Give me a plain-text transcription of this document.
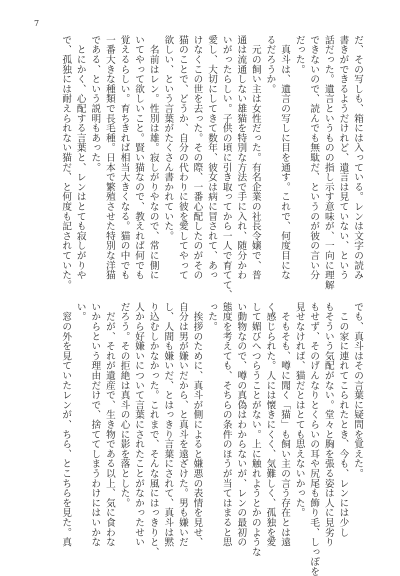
7
だ、その写しも、箱には入っている。レンは文字の読み
書きができるようだけれど、遺言は見ていない、という
話だった。遺言というものの指し示す意味が、一向に理解
できないので、読んでも無駄だ、というのが彼の言い分
だった。
　真斗は、遺言の写しに目を通す。これで、何度目にな
るだろうか。
　元の飼い主は女性だった。有名企業の社長令嬢で、普
通は流通しない雄猫を特別な方法で手に入れ、随分かわ
いがったらしい。子供の頃に引き取ってから一人で育てて、
愛し、大切にしてきて数年、彼女は病に冒されて、あっ
けなくこの世を去った。その際、一番心配したのがその
猫のことで、どうか、自分の代わりに彼を愛してやって
欲しい、という言葉がたくさん書かれていた。
　名前はレン。性別は雄。寂しがりやなので、常に側に
いてやって欲しいこと。賢い猫なので、教えれば何でも
覚えるらしい。育ちきれば相当大きくなる。猫の中でも
一番大きな種類で長毛種。日本で繁殖させた特別な洋猫
である、という説明もあった。
　とにかく、心配する言葉と、レンはとても寂しがりや
で、孤独には耐えられない猫だ、と何度も記されていた。
でも、真斗はその言葉に疑問を覚えた。
　この家に連れてこられたとき、今も、レンには少し
もそういう気配がない。堂々と胸を張る姿は人に見劣り
もせず、そのげんなりとくらいの耳や尻尾も飾り毛、しっぽを
見せなければ、猫だとはとても思えないかった。
　そもそも、噂に聞く「猫」も飼い主の言う存在とは遠
く感じられた。人には懐きにくく、気難しく、孤独を愛
して媚びへつらうことがない。上に触れようとかのような
い動物なので、噂の真偽はわからないが、レンの最初の
態度を考えても、そちらの条件のほうが当てはまると思
った。
　挨拶のために、真斗が側によると嫌悪の表情を見せ、
自分は男が嫌いだから、と真斗を遠ざけた。男も嫌いだ
し、人間も嫌いだ、とはっきり言葉にされて、真斗は黙
り込むしかなかった。これまで、そんな風にはっきりと、
人から好嫌いについて言葉にされたことがなかったせい
だろう。その拒絶は真斗の心に影を落とした。
　だが、それが遺産で、生き物である以上、気に食わな
いからという理由だけで、捨ててしまうわけにはいかな
い。
　窓の外を見ていたレンが、ちら、とこちらを見た。真
